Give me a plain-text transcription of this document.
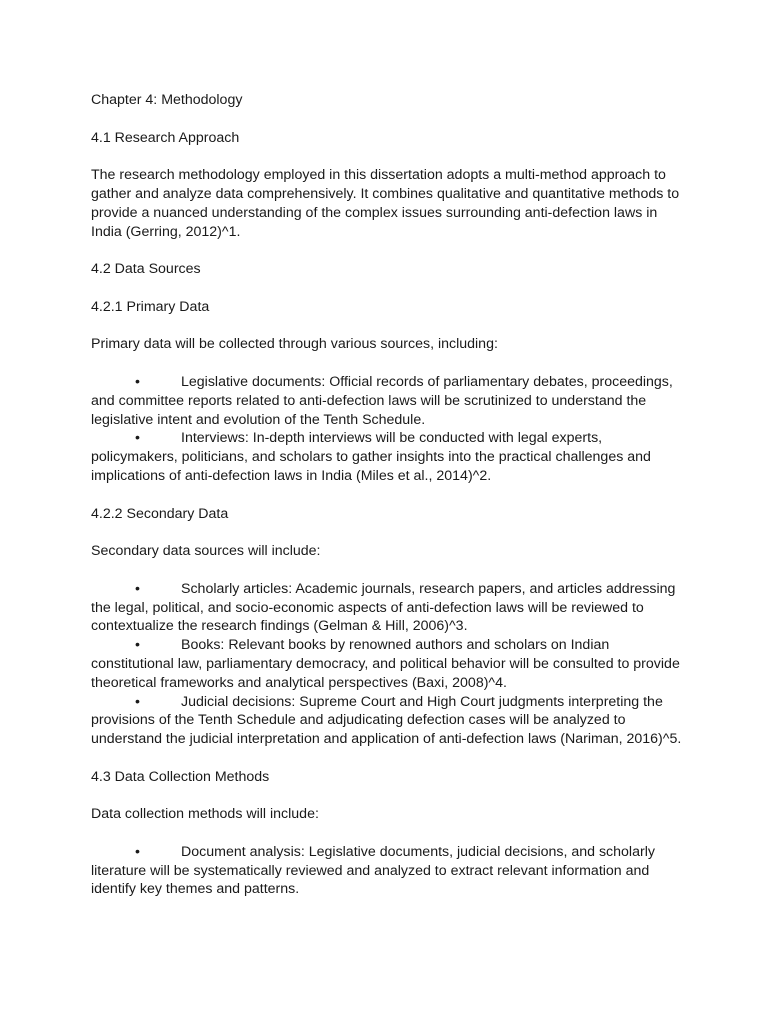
Chapter 4: Methodology

4.1 Research Approach

The research methodology employed in this dissertation adopts a multi-method approach to gather and analyze data comprehensively. It combines qualitative and quantitative methods to provide a nuanced understanding of the complex issues surrounding anti-defection laws in India (Gerring, 2012)^1.

4.2 Data Sources

4.2.1 Primary Data

Primary data will be collected through various sources, including:

•	Legislative documents: Official records of parliamentary debates, proceedings, and committee reports related to anti-defection laws will be scrutinized to understand the legislative intent and evolution of the Tenth Schedule.
•	Interviews: In-depth interviews will be conducted with legal experts, policymakers, politicians, and scholars to gather insights into the practical challenges and implications of anti-defection laws in India (Miles et al., 2014)^2.

4.2.2 Secondary Data

Secondary data sources will include:

•	Scholarly articles: Academic journals, research papers, and articles addressing the legal, political, and socio-economic aspects of anti-defection laws will be reviewed to contextualize the research findings (Gelman & Hill, 2006)^3.
•	Books: Relevant books by renowned authors and scholars on Indian constitutional law, parliamentary democracy, and political behavior will be consulted to provide theoretical frameworks and analytical perspectives (Baxi, 2008)^4.
•	Judicial decisions: Supreme Court and High Court judgments interpreting the provisions of the Tenth Schedule and adjudicating defection cases will be analyzed to understand the judicial interpretation and application of anti-defection laws (Nariman, 2016)^5.

4.3 Data Collection Methods

Data collection methods will include:

•	Document analysis: Legislative documents, judicial decisions, and scholarly literature will be systematically reviewed and analyzed to extract relevant information and identify key themes and patterns.
